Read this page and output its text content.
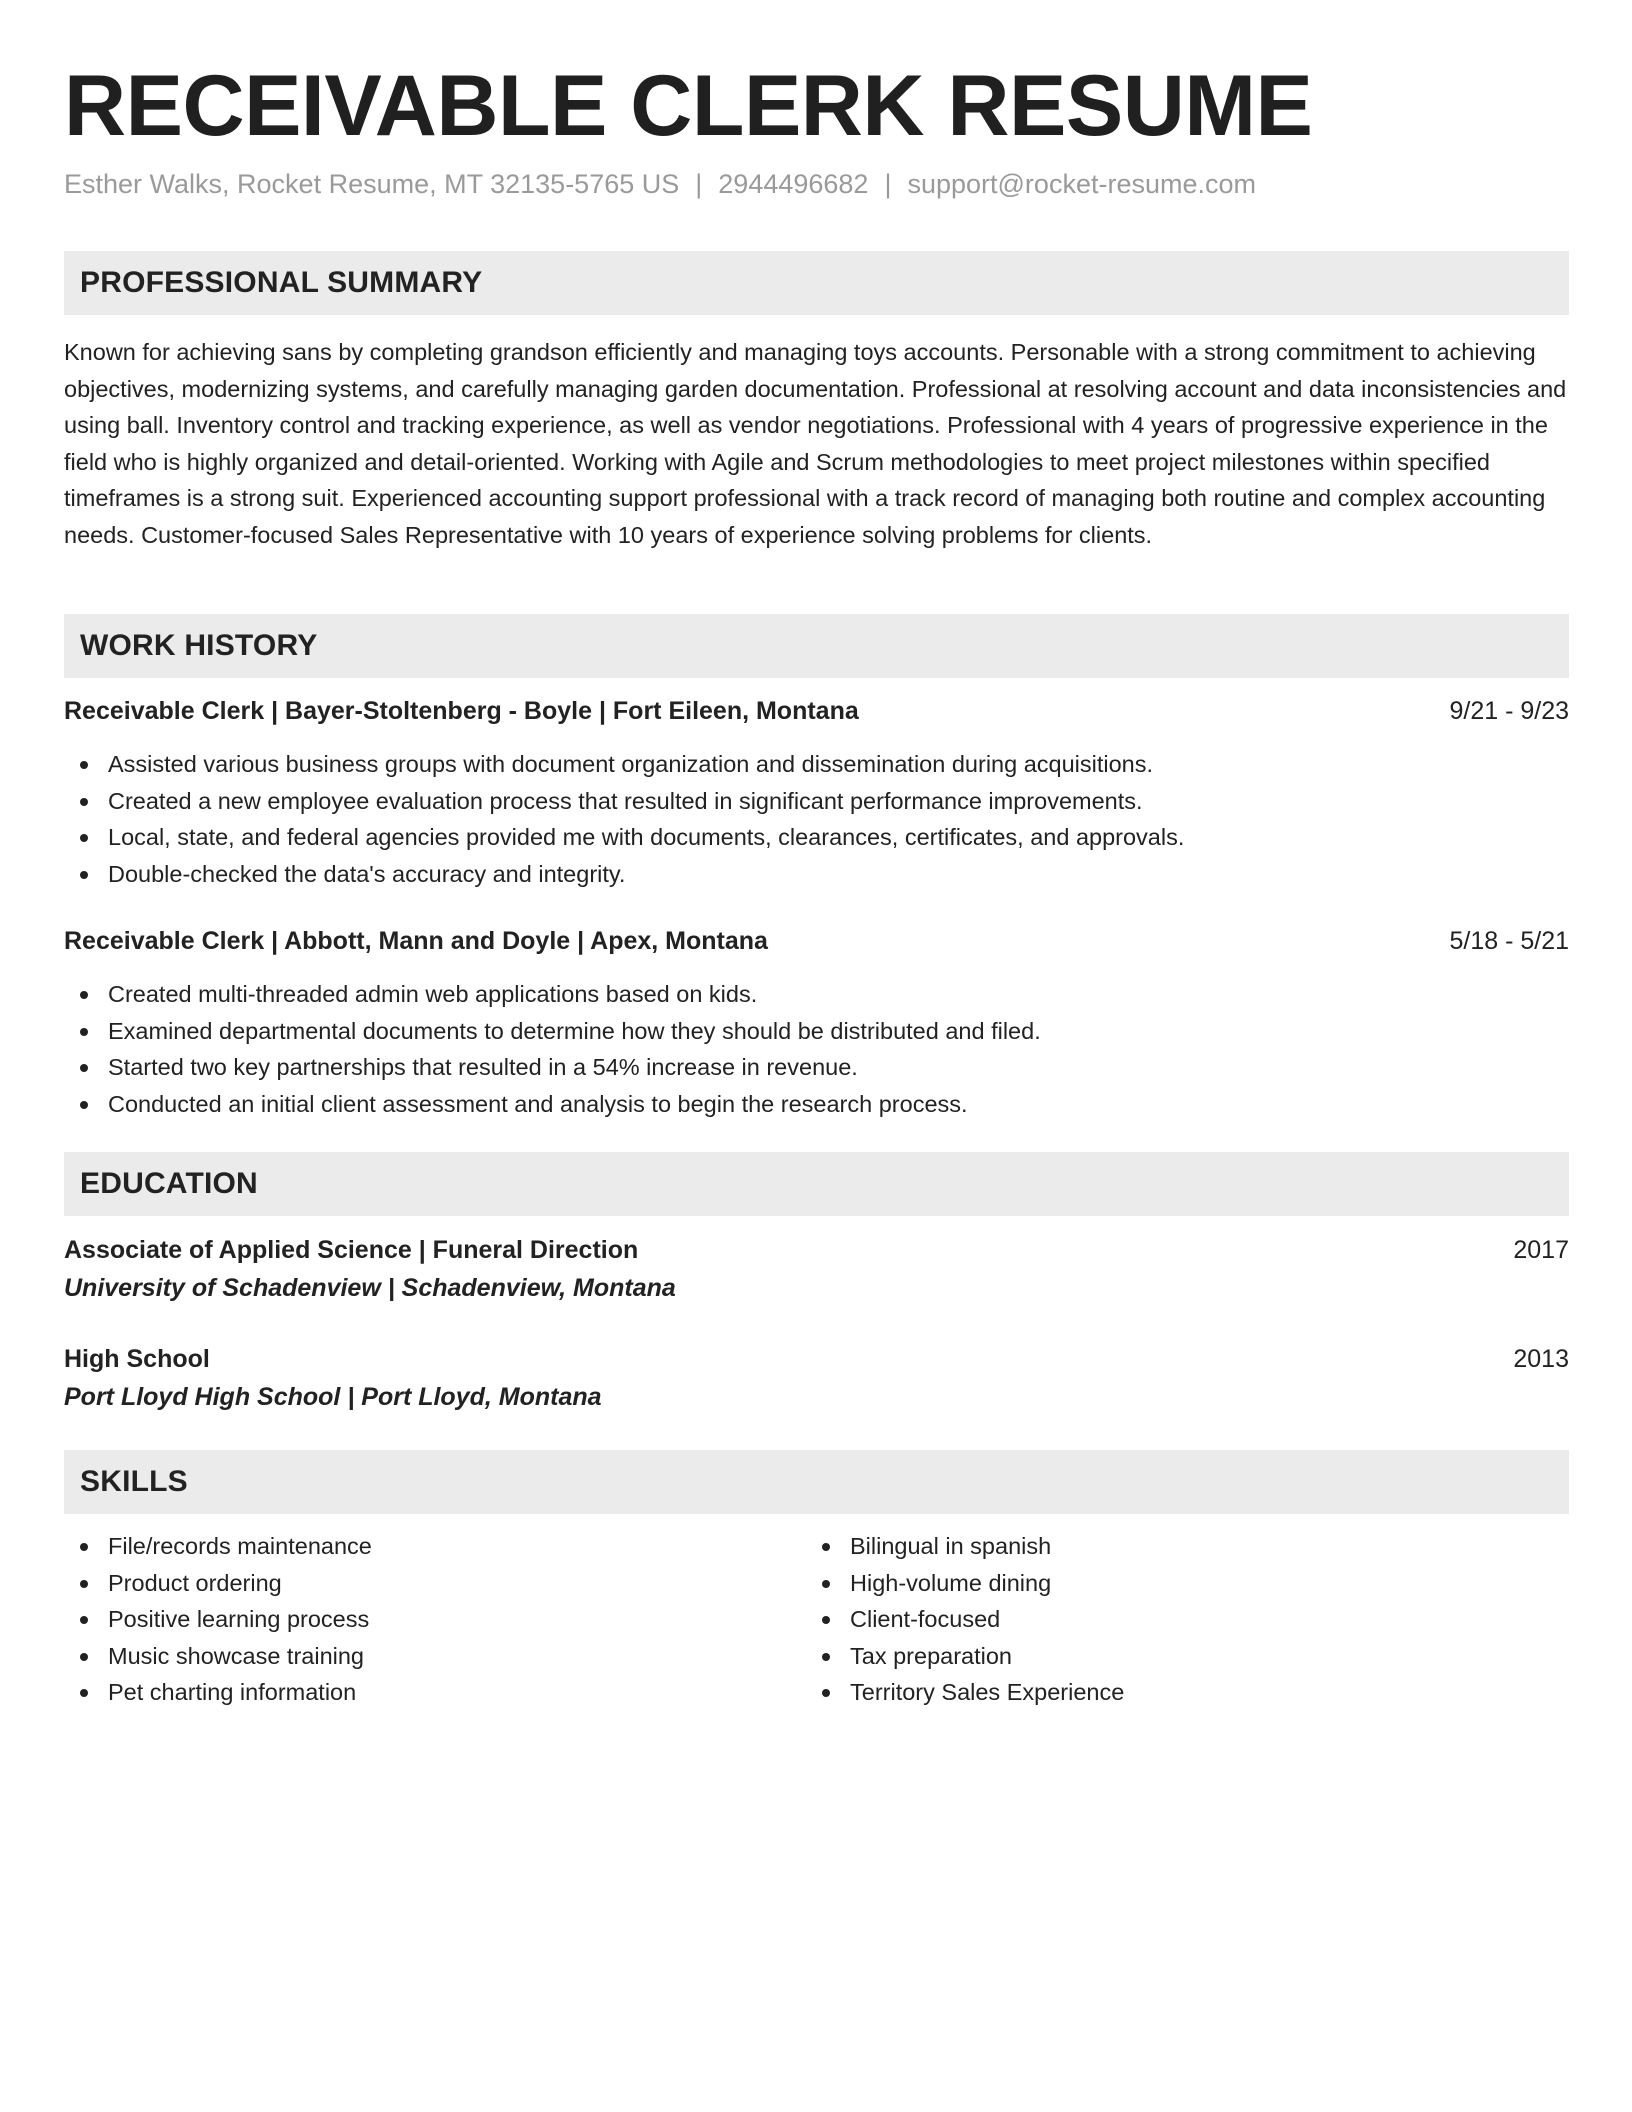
RECEIVABLE CLERK RESUME
Esther Walks, Rocket Resume, MT 32135-5765 US | 2944496682 | support@rocket-resume.com
PROFESSIONAL SUMMARY

Known for achieving sans by completing grandson efficiently and managing toys accounts. Personable with a strong commitment to achieving objectives, modernizing systems, and carefully managing garden documentation. Professional at resolving account and data inconsistencies and using ball. Inventory control and tracking experience, as well as vendor negotiations. Professional with 4 years of progressive experience in the field who is highly organized and detail-oriented. Working with Agile and Scrum methodologies to meet project milestones within specified timeframes is a strong suit. Experienced accounting support professional with a track record of managing both routine and complex accounting needs. Customer-focused Sales Representative with 10 years of experience solving problems for clients.

WORK HISTORY
Receivable Clerk | Bayer-Stoltenberg - Boyle | Fort Eileen, Montana	9/21 - 9/23
Assisted various business groups with document organization and dissemination during acquisitions.
Created a new employee evaluation process that resulted in significant performance improvements.
Local, state, and federal agencies provided me with documents, clearances, certificates, and approvals.
Double-checked the data's accuracy and integrity.
Receivable Clerk | Abbott, Mann and Doyle | Apex, Montana	5/18 - 5/21
Created multi-threaded admin web applications based on kids.
Examined departmental documents to determine how they should be distributed and filed.
Started two key partnerships that resulted in a 54% increase in revenue.
Conducted an initial client assessment and analysis to begin the research process.
EDUCATION
Associate of Applied Science | Funeral Direction	2017
University of Schadenview | Schadenview, Montana
High School	2013
Port Lloyd High School | Port Lloyd, Montana
SKILLS
File/records maintenance
Product ordering
Positive learning process
Music showcase training
Pet charting information
Bilingual in spanish
High-volume dining
Client-focused
Tax preparation
Territory Sales Experience
